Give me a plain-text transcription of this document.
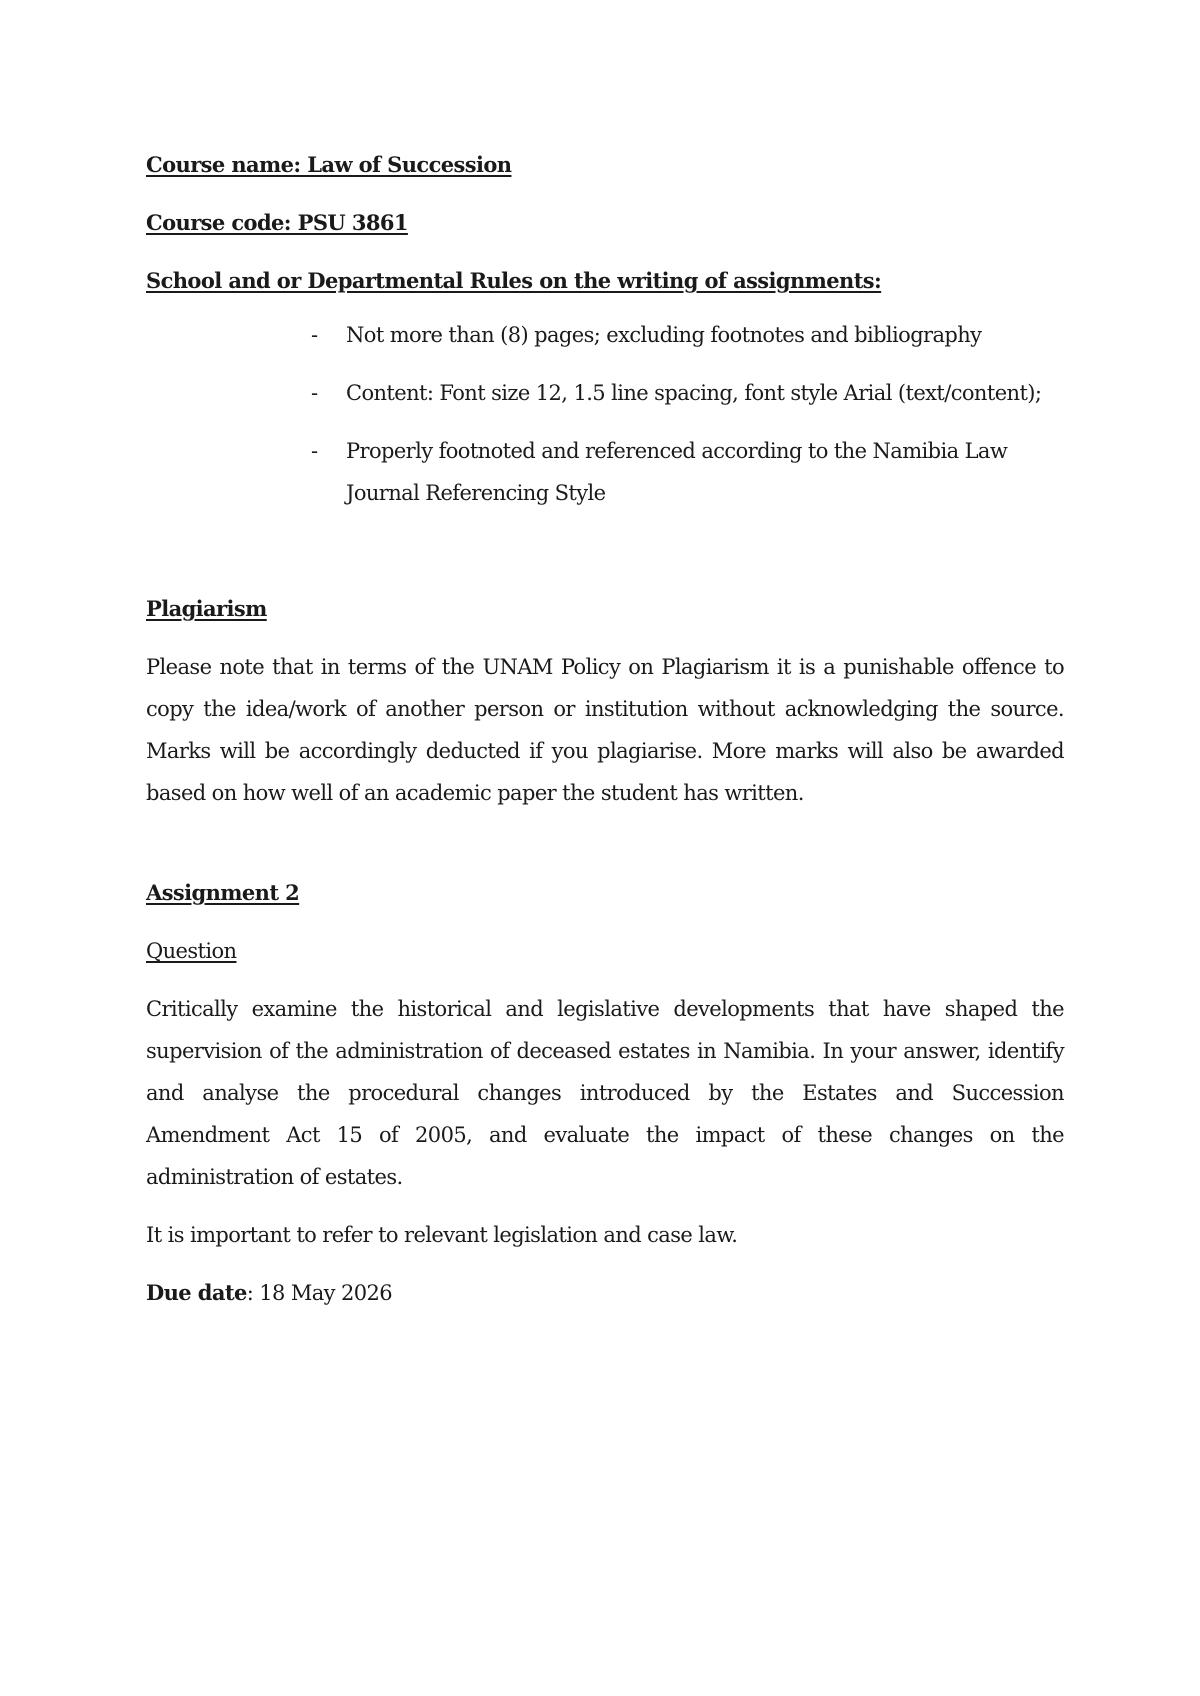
Course name: Law of Succession

Course code: PSU 3861

School and or Departmental Rules on the writing of assignments:

- Not more than (8) pages; excluding footnotes and bibliography
- Content: Font size 12, 1.5 line spacing, font style Arial (text/content);
- Properly footnoted and referenced according to the Namibia Law Journal Referencing Style

Plagiarism

Please note that in terms of the UNAM Policy on Plagiarism it is a punishable offence to copy the idea/work of another person or institution without acknowledging the source. Marks will be accordingly deducted if you plagiarise. More marks will also be awarded based on how well of an academic paper the student has written.

Assignment 2

Question

Critically examine the historical and legislative developments that have shaped the supervision of the administration of deceased estates in Namibia. In your answer, identify and analyse the procedural changes introduced by the Estates and Succession Amendment Act 15 of 2005, and evaluate the impact of these changes on the administration of estates.

It is important to refer to relevant legislation and case law.

Due date: 18 May 2026
